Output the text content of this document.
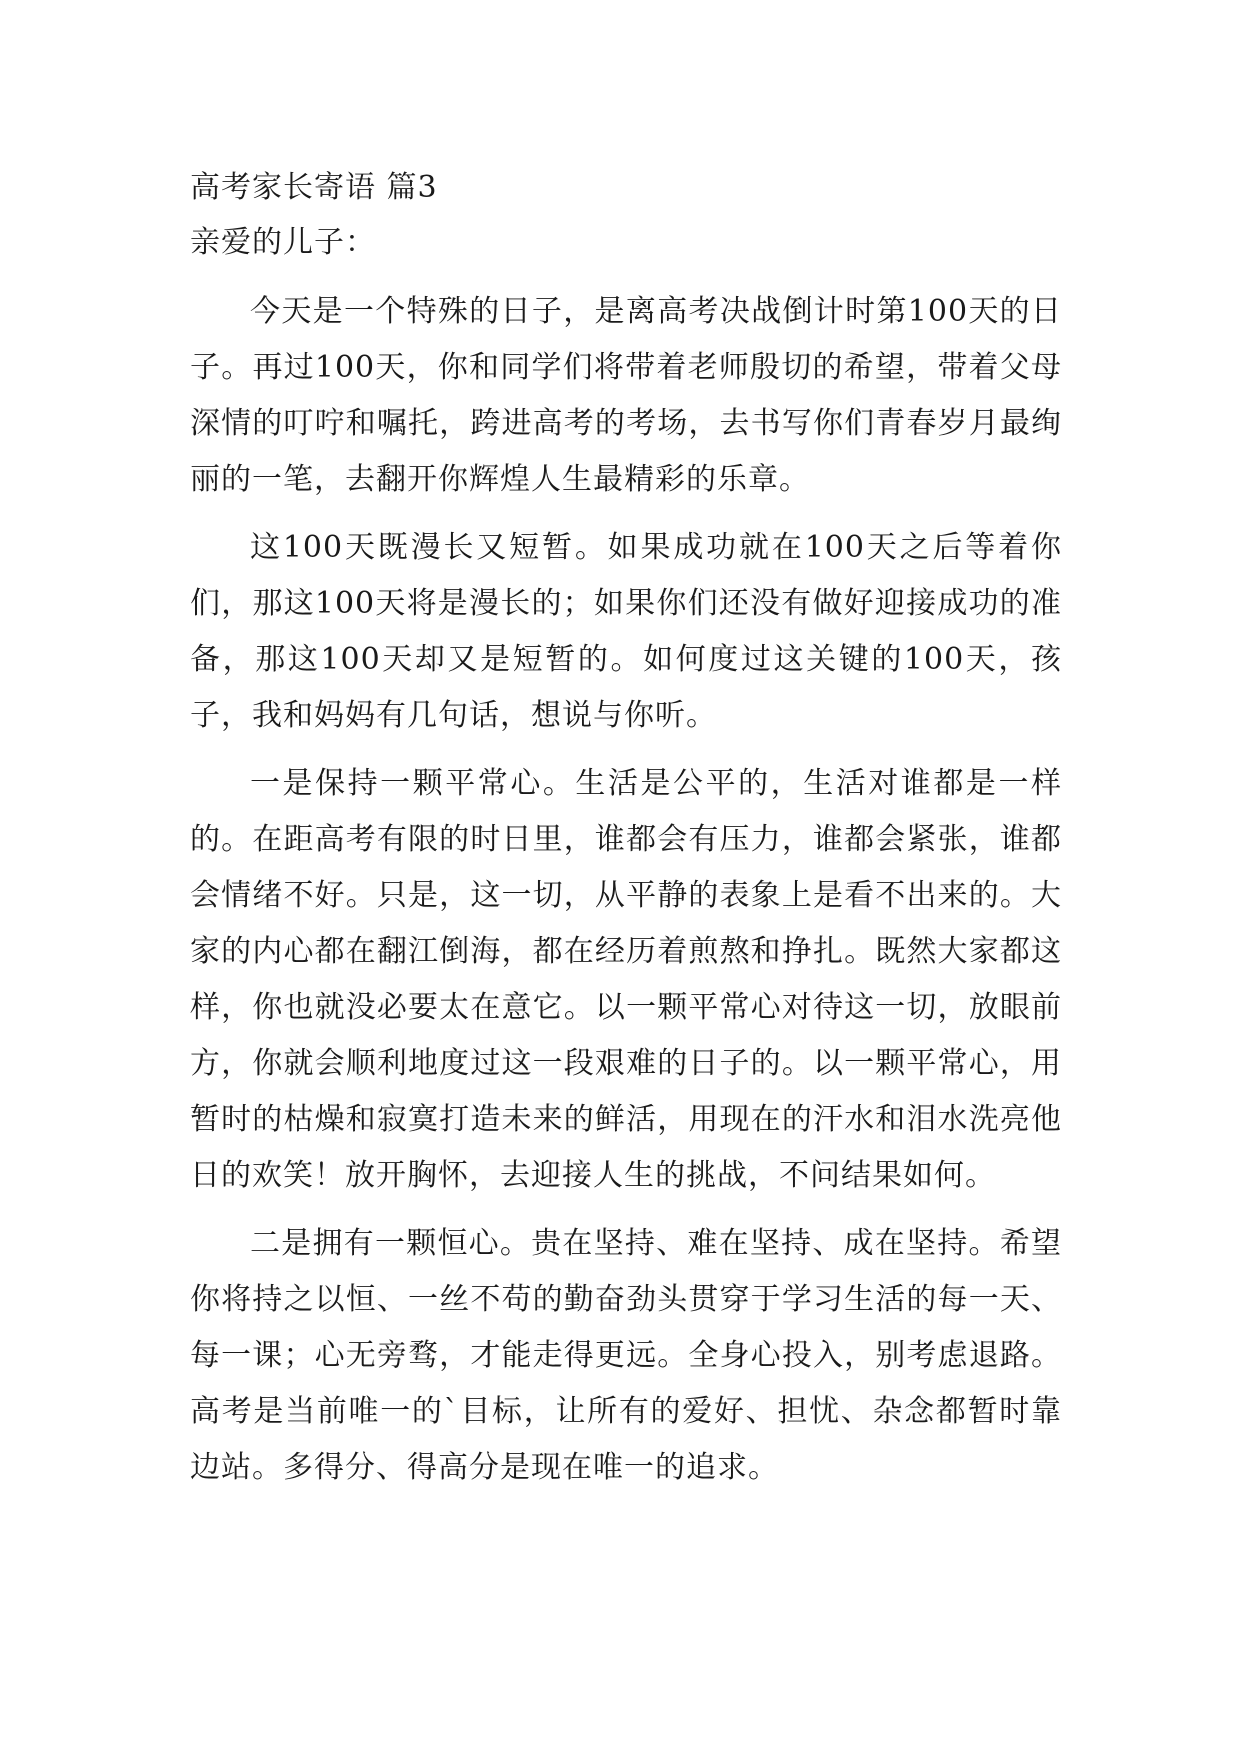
高考家长寄语 篇3

亲爱的儿子：

今天是一个特殊的日子，是离高考决战倒计时第100天的日子。再过100天，你和同学们将带着老师殷切的希望，带着父母深情的叮咛和嘱托，跨进高考的考场，去书写你们青春岁月最绚丽的一笔，去翻开你辉煌人生最精彩的乐章。

这100天既漫长又短暂。如果成功就在100天之后等着你们，那这100天将是漫长的；如果你们还没有做好迎接成功的准备，那这100天却又是短暂的。如何度过这关键的100天，孩子，我和妈妈有几句话，想说与你听。

一是保持一颗平常心。生活是公平的，生活对谁都是一样的。在距高考有限的时日里，谁都会有压力，谁都会紧张，谁都会情绪不好。只是，这一切，从平静的表象上是看不出来的。大家的内心都在翻江倒海，都在经历着煎熬和挣扎。既然大家都这样，你也就没必要太在意它。以一颗平常心对待这一切，放眼前方，你就会顺利地度过这一段艰难的日子的。以一颗平常心，用暂时的枯燥和寂寞打造未来的鲜活，用现在的汗水和泪水洗亮他日的欢笑！放开胸怀，去迎接人生的挑战，不问结果如何。

二是拥有一颗恒心。贵在坚持、难在坚持、成在坚持。希望你将持之以恒、一丝不苟的勤奋劲头贯穿于学习生活的每一天、每一课；心无旁骛，才能走得更远。全身心投入，别考虑退路。高考是当前唯一的`目标，让所有的爱好、担忧、杂念都暂时靠边站。多得分、得高分是现在唯一的追求。
